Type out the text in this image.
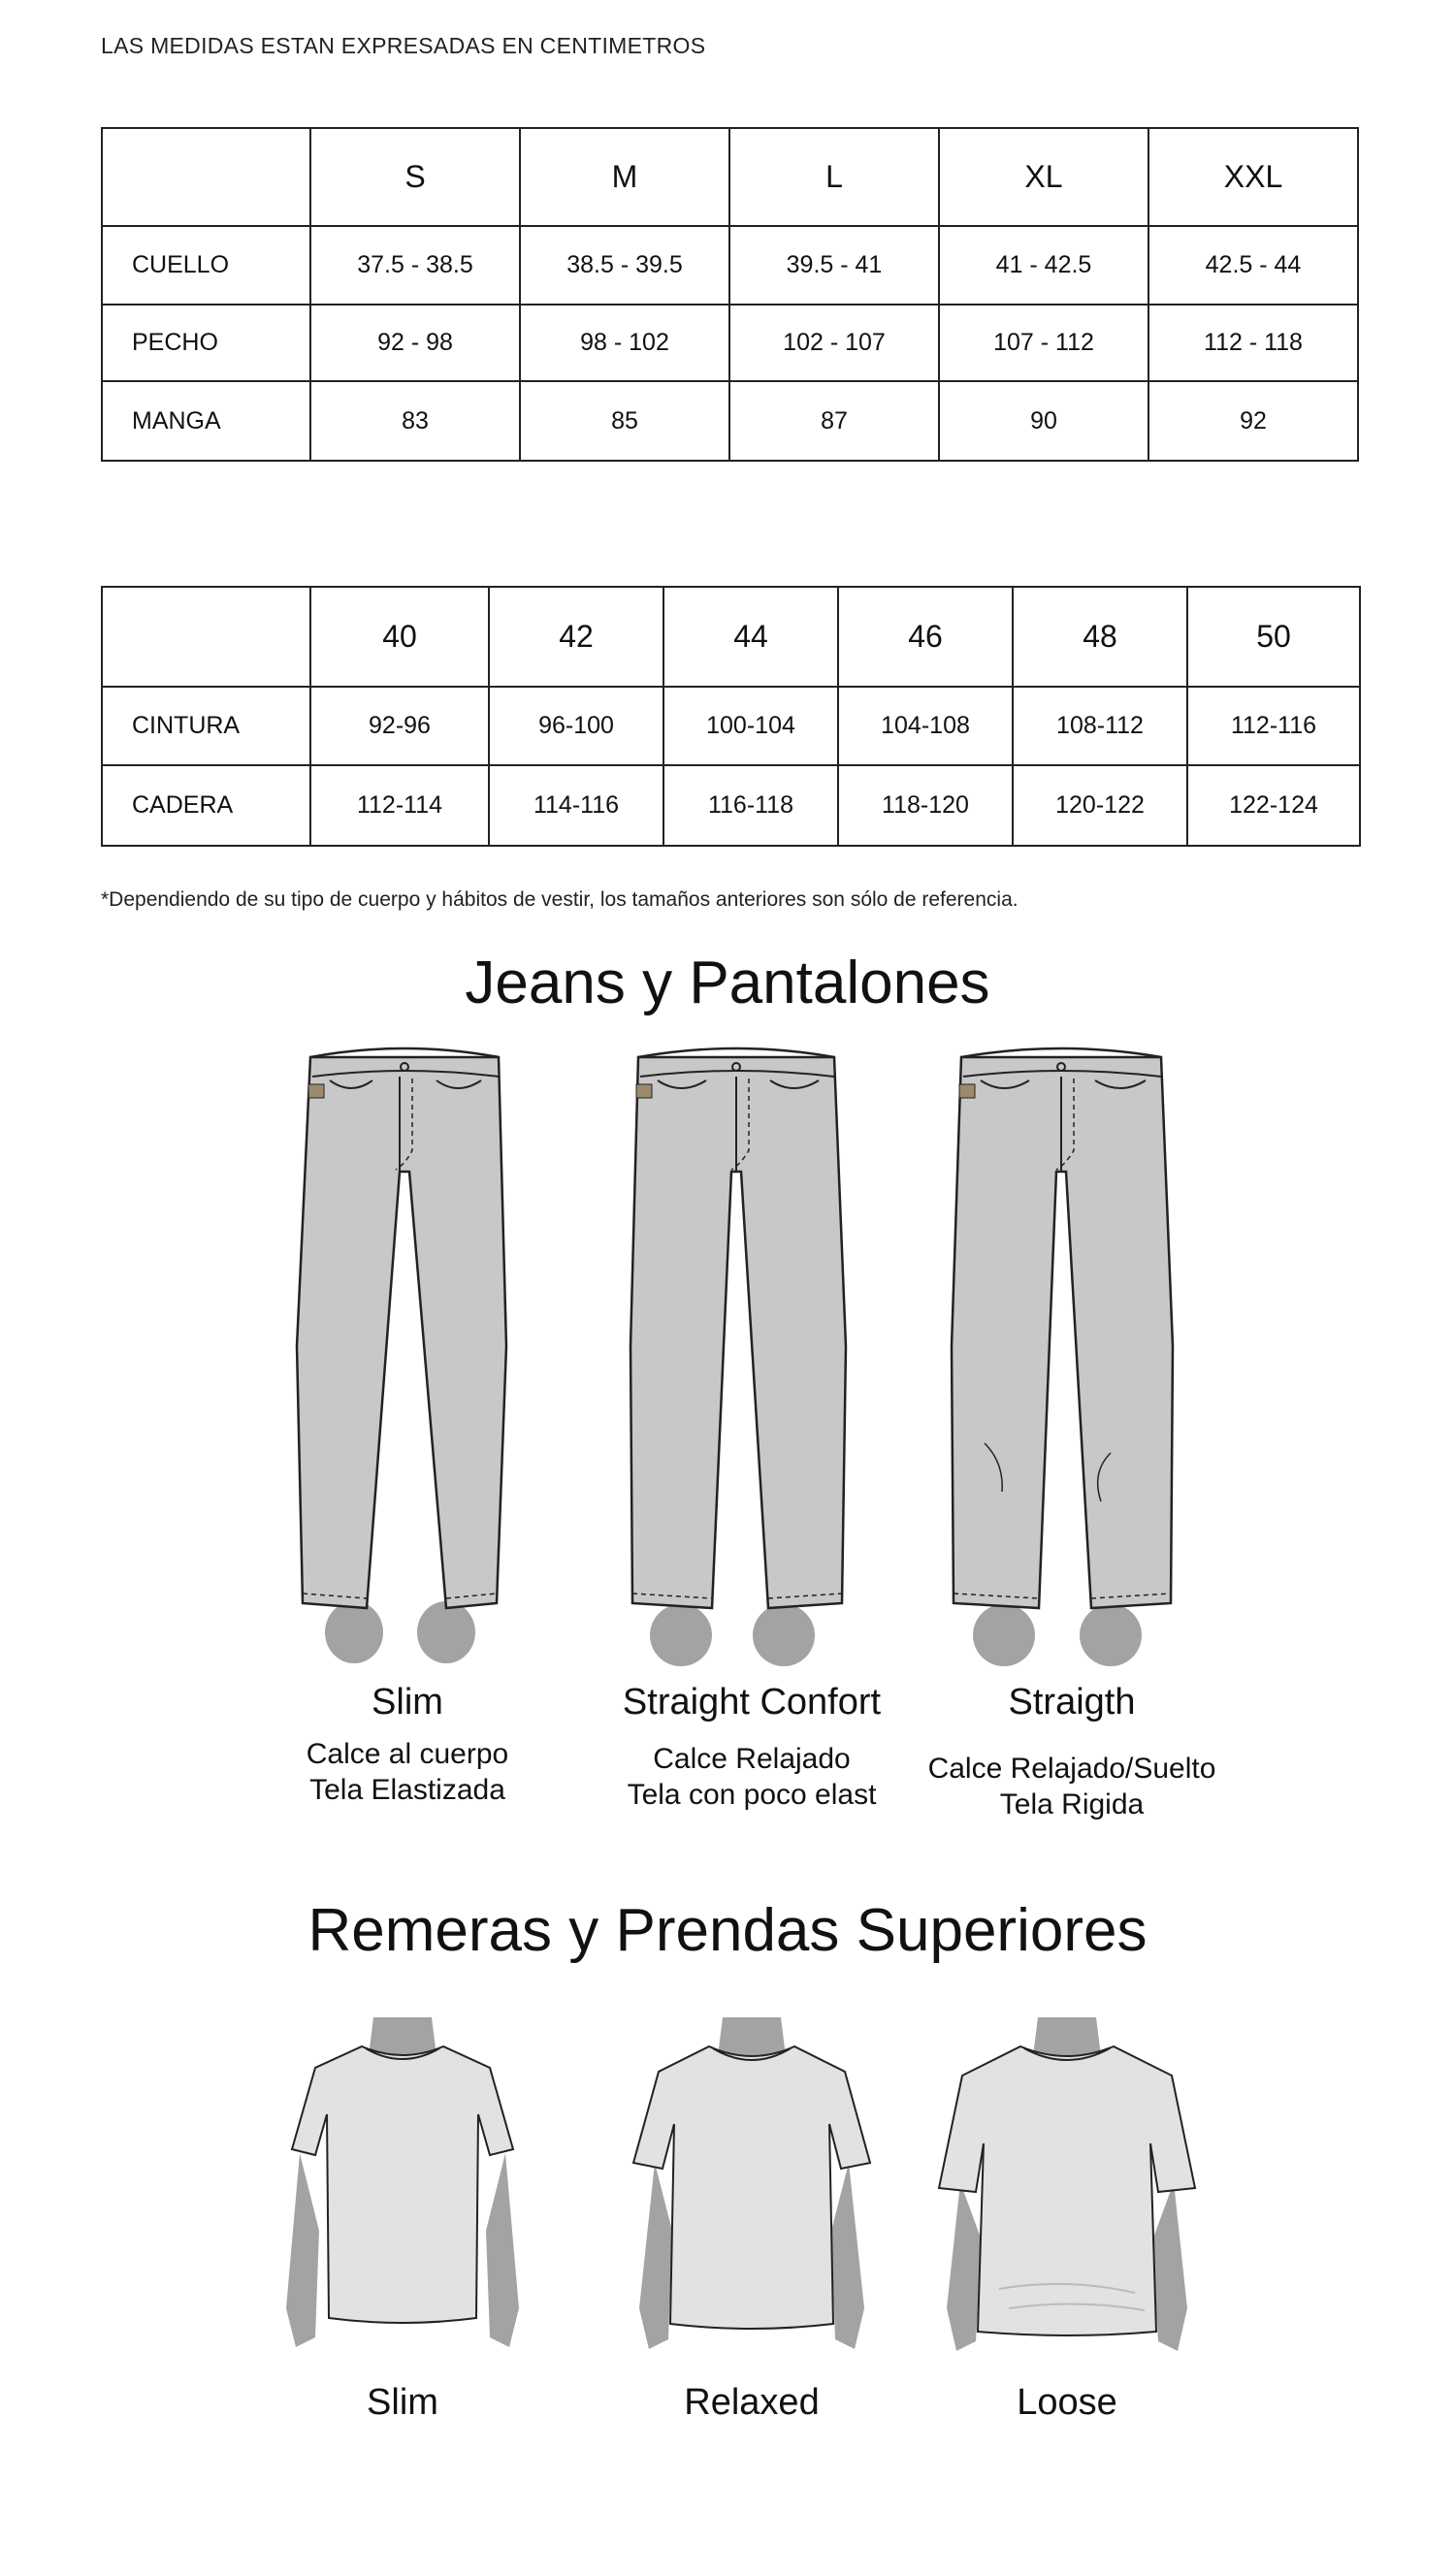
LAS MEDIDAS ESTAN EXPRESADAS EN CENTIMETROS
	S	M	L	XL	XXL
CUELLO	37.5 - 38.5	38.5 - 39.5	39.5 - 41	41 - 42.5	42.5 - 44
PECHO	92 - 98	98 - 102	102 - 107	107 - 112	112 - 118
MANGA	83	85	87	90	92
	40	42	44	46	48	50
CINTURA	92-96	96-100	100-104	104-108	108-112	112-116
CADERA	112-114	114-116	116-118	118-120	120-122	122-124
*Dependiendo de su tipo de cuerpo y hábitos de vestir, los tamaños anteriores son sólo de referencia.
Jeans y Pantalones
Slim
Calce al cuerpo
Tela Elastizada
Straight Confort
Calce Relajado
Tela con poco elast
Straigth
Calce Relajado/Suelto
Tela Rigida
Remeras y Prendas Superiores
Slim	Relaxed	Loose
